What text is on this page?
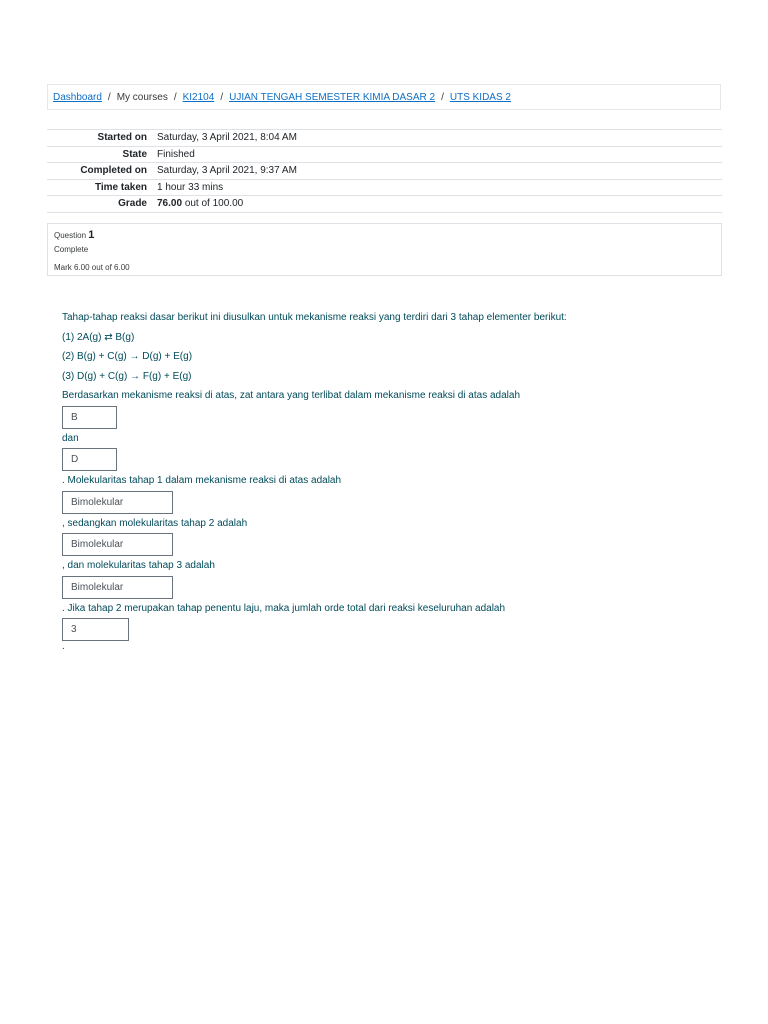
Dashboard / My courses / KI2104 / UJIAN TENGAH SEMESTER KIMIA DASAR 2 / UTS KIDAS 2
Started on	Saturday, 3 April 2021, 8:04 AM
State	Finished
Completed on	Saturday, 3 April 2021, 9:37 AM
Time taken	1 hour 33 mins
Grade	76.00 out of 100.00
Question 1
Complete
Mark 6.00 out of 6.00

Tahap-tahap reaksi dasar berikut ini diusulkan untuk mekanisme reaksi yang terdiri dari 3 tahap elementer berikut:

(1) 2A(g) ⇄ B(g)

(2) B(g) + C(g) → D(g) + E(g)

(3) D(g) + C(g) → F(g) + E(g)

Berdasarkan mekanisme reaksi di atas, zat antara yang terlibat dalam mekanisme reaksi di atas adalah

B

dan

D

. Molekularitas tahap 1 dalam mekanisme reaksi di atas adalah

Bimolekular

, sedangkan molekularitas tahap 2 adalah

Bimolekular

, dan molekularitas tahap 3 adalah

Bimolekular

. Jika tahap 2 merupakan tahap penentu laju, maka jumlah orde total dari reaksi keseluruhan adalah

3

.
